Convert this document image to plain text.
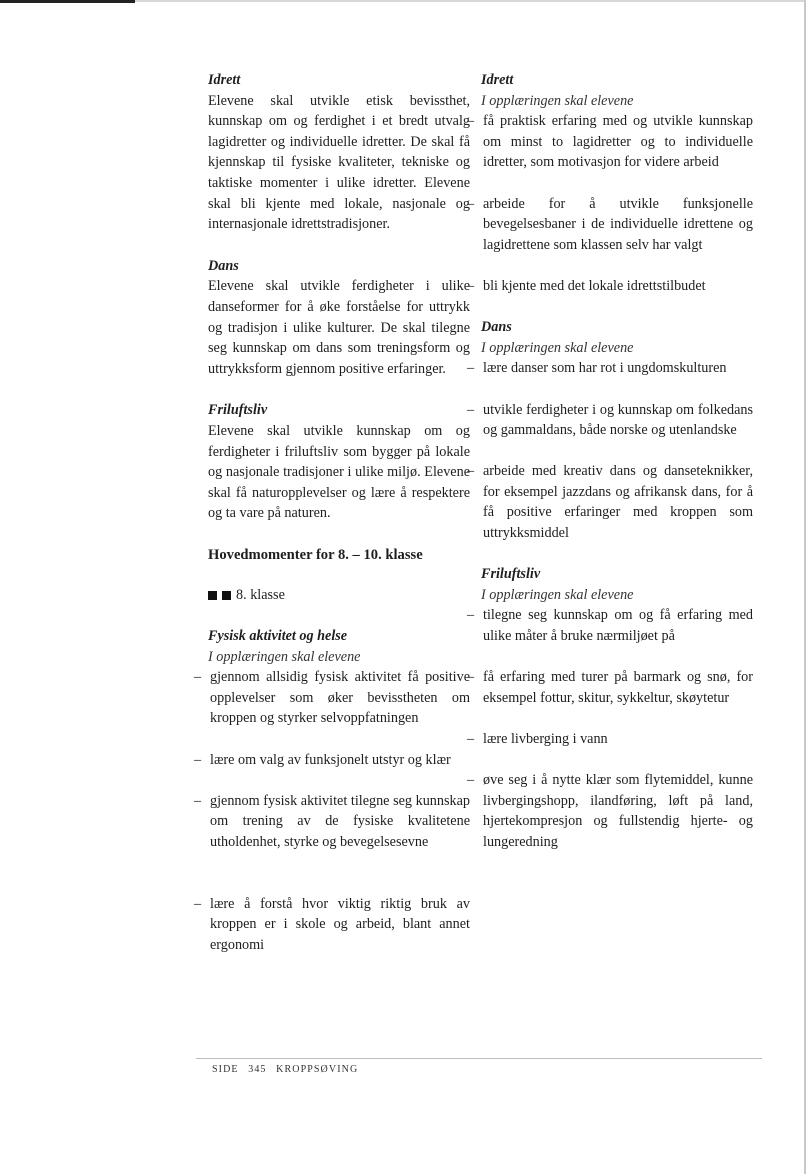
Idrett
Elevene skal utvikle etisk bevissthet, kunnskap om og ferdighet i et bredt utvalg lagidretter og individuelle idretter. De skal få kjennskap til fysiske kvaliteter, tekniske og taktiske momenter i ulike idretter. Elevene skal bli kjente med lokale, nasjonale og internasjonale idrettstradisjoner.
Dans
Elevene skal utvikle ferdigheter i ulike danseformer for å øke forståelse for uttrykk og tradisjon i ulike kulturer. De skal tilegne seg kunnskap om dans som treningsform og uttrykksform gjennom positive erfaringer.
Friluftsliv
Elevene skal utvikle kunnskap om og ferdigheter i friluftsliv som bygger på lokale og nasjonale tradisjoner i ulike miljø. Elevene skal få naturopplevelser og lære å respektere og ta vare på naturen.
Hovedmomenter for 8. – 10. klasse
8. klasse
Fysisk aktivitet og helse
I opplæringen skal elevene
– gjennom allsidig fysisk aktivitet få positive opplevelser som øker bevisstheten om kroppen og styrker selvoppfatningen
– lære om valg av funksjonelt utstyr og klær
– gjennom fysisk aktivitet tilegne seg kunnskap om trening av de fysiske kvalitetene utholdenhet, styrke og bevegelsesevne
– lære å forstå hvor viktig riktig bruk av kroppen er i skole og arbeid, blant annet ergonomi
Idrett
I opplæringen skal elevene
– få praktisk erfaring med og utvikle kunnskap om minst to lagidretter og to individuelle idretter, som motivasjon for videre arbeid
– arbeide for å utvikle funksjonelle bevegelsesbaner i de individuelle idrettene og lagidrettene som klassen selv har valgt
– bli kjente med det lokale idrettstilbudet
Dans
I opplæringen skal elevene
– lære danser som har rot i ungdomskulturen
– utvikle ferdigheter i og kunnskap om folkedans og gammaldans, både norske og utenlandske
– arbeide med kreativ dans og danseteknikker, for eksempel jazzdans og afrikansk dans, for å få positive erfaringer med kroppen som uttrykksmiddel
Friluftsliv
I opplæringen skal elevene
– tilegne seg kunnskap om og få erfaring med ulike måter å bruke nærmiljøet på
– få erfaring med turer på barmark og snø, for eksempel fottur, skitur, sykkeltur, skøytetur
– lære livberging i vann
– øve seg i å nytte klær som flytemiddel, kunne livbergingshopp, ilandføring, løft på land, hjertekompresjon og fullstendig hjerte- og lungeredning
SIDE 345 KROPPSØVING
